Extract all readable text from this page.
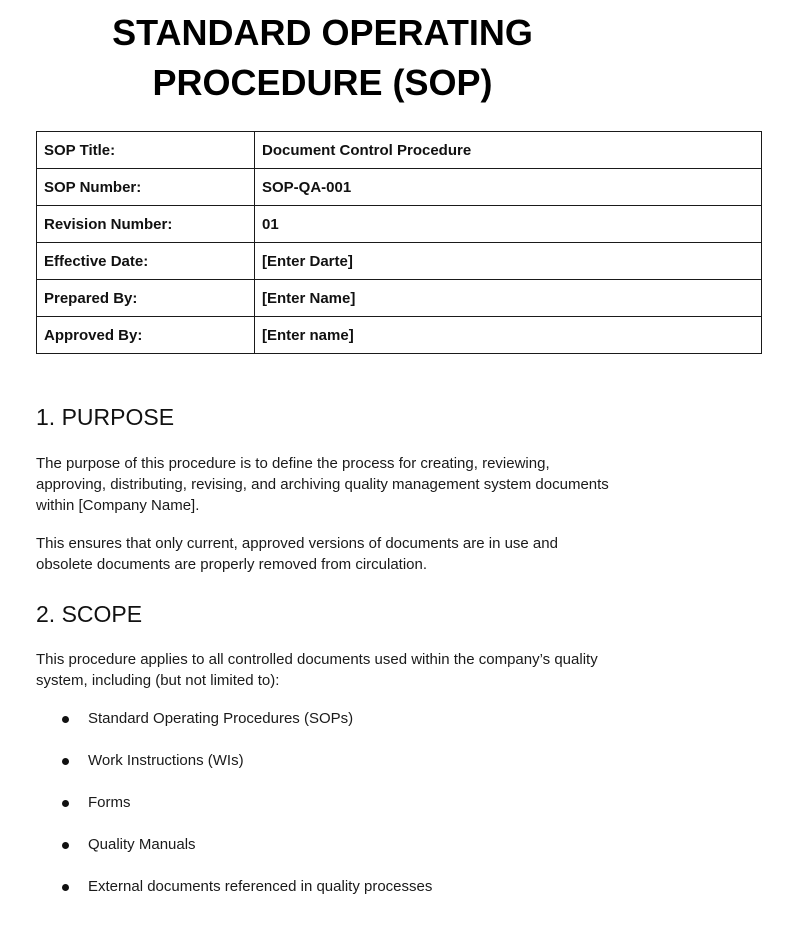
STANDARD OPERATING
PROCEDURE (SOP)
SOP Title:	Document Control Procedure
SOP Number:	SOP-QA-001
Revision Number:	01
Effective Date:	[Enter Darte]
Prepared By:	[Enter Name]
Approved By:	[Enter name]
1. PURPOSE

The purpose of this procedure is to define the process for creating, reviewing, approving, distributing, revising, and archiving quality management system documents within [Company Name].

This ensures that only current, approved versions of documents are in use and obsolete documents are properly removed from circulation.

2. SCOPE

This procedure applies to all controlled documents used within the company’s quality system, including (but not limited to):

Standard Operating Procedures (SOPs)
Work Instructions (WIs)
Forms
Quality Manuals
External documents referenced in quality processes
